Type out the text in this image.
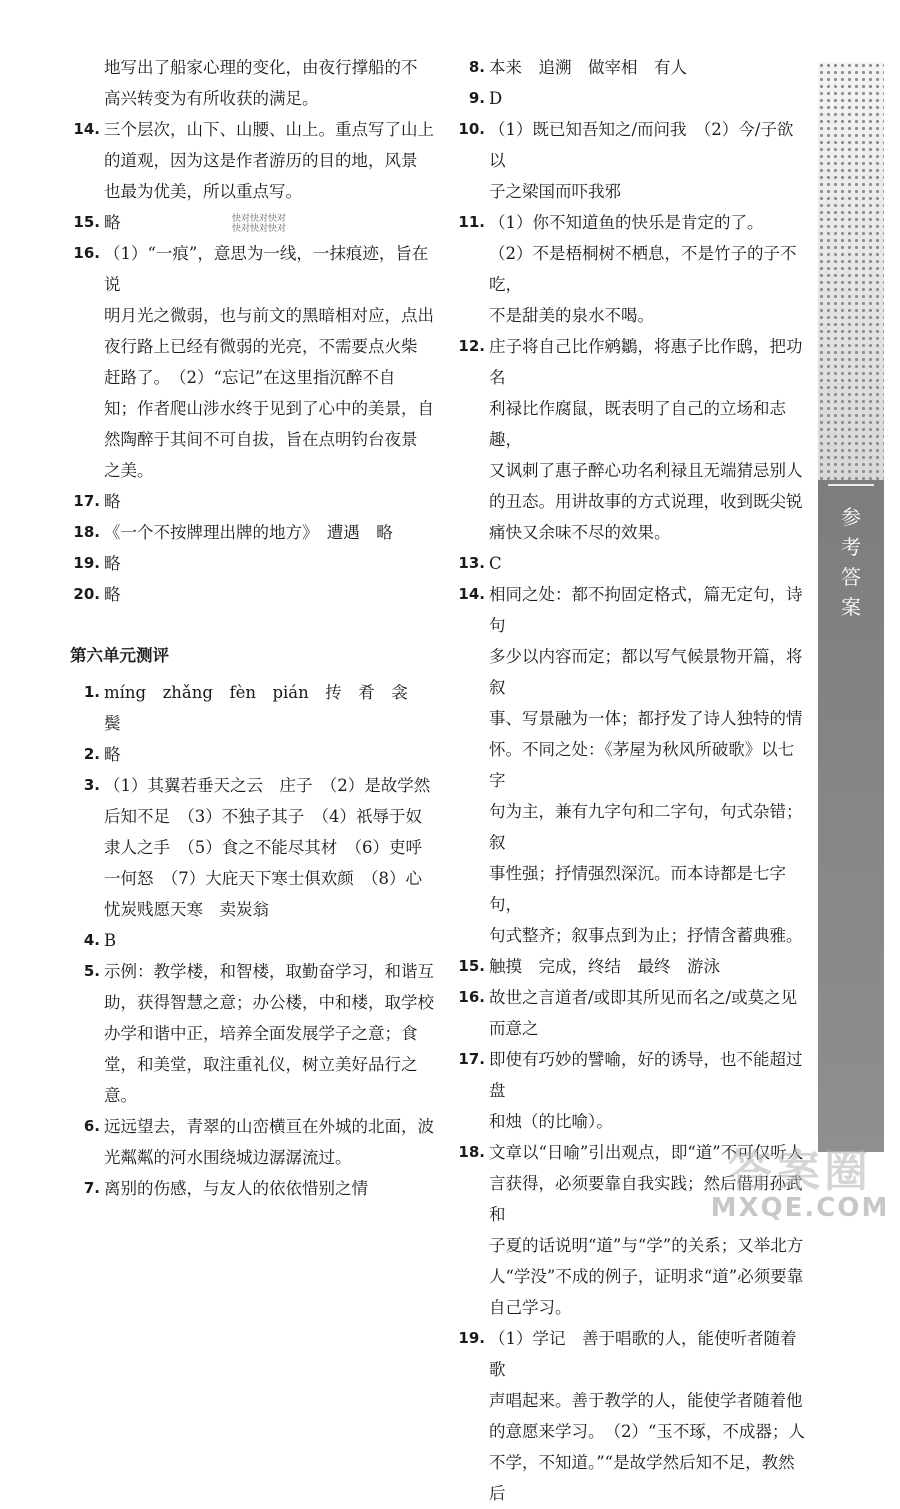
地写出了船家心理的变化，由夜行撑船的不
高兴转变为有所收获的满足。
14. 三个层次，山下、山腰、山上。重点写了山上
的道观，因为这是作者游历的目的地，风景
也最为优美，所以重点写。
15. 略
16. （1）“一痕”，意思为一线，一抹痕迹，旨在说
明月光之微弱，也与前文的黑暗相对应，点出
夜行路上已经有微弱的光亮，不需要点火柴
赶路了。　（2）“忘记”在这里指沉醉不自
知；作者爬山涉水终于见到了心中的美景，自
然陶醉于其间不可自拔，旨在点明钓台夜景
之美。
17. 略
18. 《一个不按牌理出牌的地方》　遭遇　略
19. 略
20. 略
第六单元测评
1. míng　zhǎng　fèn　pián　抟　肴　衾
鬓
2. 略
3. （1）其翼若垂天之云　庄子　（2）是故学然
后知不足　（3）不独子其子　（4）祇辱于奴
隶人之手　（5）食之不能尽其材　（6）吏呼
一何怒　（7）大庇天下寒士俱欢颜　（8）心
忧炭贱愿天寒　卖炭翁
4. B
5. 示例：教学楼，和智楼，取勤奋学习，和谐互
助，获得智慧之意；办公楼，中和楼，取学校
办学和谐中正，培养全面发展学子之意；食
堂，和美堂，取注重礼仪，树立美好品行之意。
6. 远远望去，青翠的山峦横亘在外城的北面，波
光粼粼的河水围绕城边潺潺流过。
7. 离别的伤感，与友人的依依惜别之情
8. 本来　追溯　做宰相　有人
9. D
10. （1）既已知吾知之/而问我　（2）今/子欲以
子之梁国而吓我邪
11. （1）你不知道鱼的快乐是肯定的了。
（2）不是梧桐树不栖息，不是竹子的子不吃，
不是甜美的泉水不喝。
12. 庄子将自己比作鹓鶵，将惠子比作鸱，把功名
利禄比作腐鼠，既表明了自己的立场和志趣，
又讽刺了惠子醉心功名利禄且无端猜忌别人
的丑态。用讲故事的方式说理，收到既尖锐
痛快又余味不尽的效果。
13. C
14. 相同之处：都不拘固定格式，篇无定句，诗句
多少以内容而定；都以写气候景物开篇，将叙
事、写景融为一体；都抒发了诗人独特的情
怀。不同之处：《茅屋为秋风所破歌》以七字
句为主，兼有九字句和二字句，句式杂错；叙
事性强；抒情强烈深沉。而本诗都是七字句，
句式整齐；叙事点到为止；抒情含蓄典雅。
15. 触摸　完成，终结　最终　游泳
16. 故世之言道者/或即其所见而名之/或莫之见
而意之
17. 即使有巧妙的譬喻，好的诱导，也不能超过盘
和烛（的比喻）。
18. 文章以“日喻”引出观点，即“道”不可仅听人
言获得，必须要靠自我实践；然后借用孙武和
子夏的话说明“道”与“学”的关系；又举北方
人“学没”不成的例子，证明求“道”必须要靠
自己学习。
19. （1）学记　善于唱歌的人，能使听者随着歌
声唱起来。善于教学的人，能使学者随着他
的意愿来学习。　（2）“玉不琢，不成器；人
不学，不知道。”“是故学然后知不足，教然后
快对快对快对
快对快对快对
参
考
答
案
答案圈
MXQE.COM
